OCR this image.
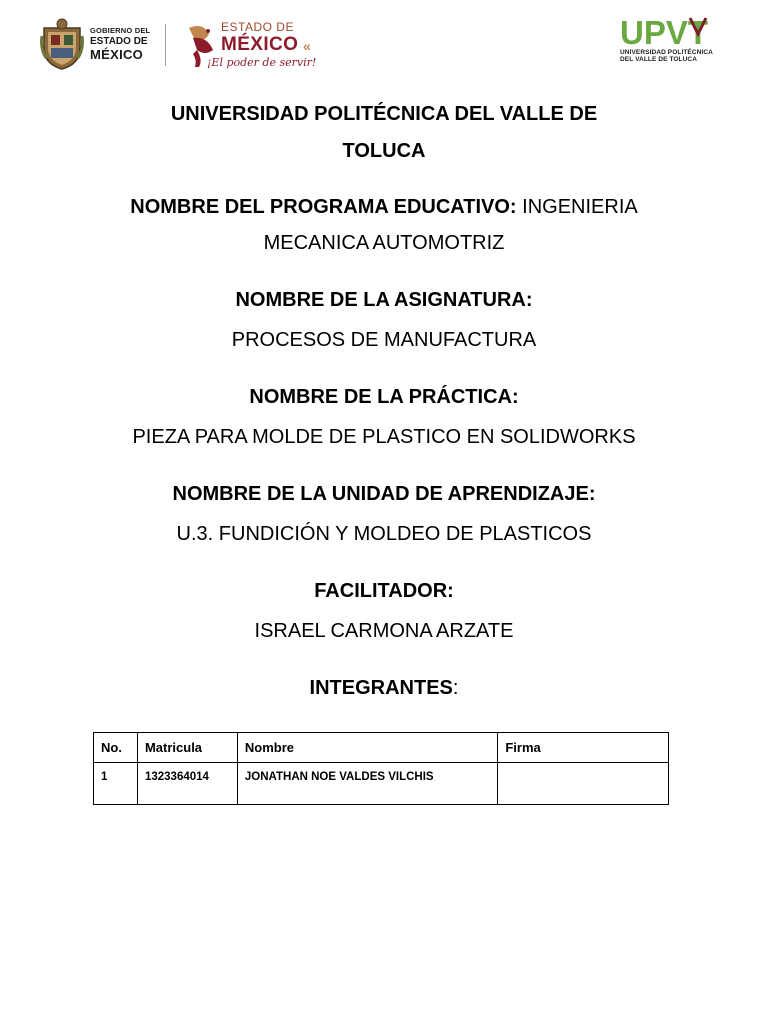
GOBIERNO DEL
ESTADO DE
MÉXICO
ESTADO DE
MÉXICO «
¡El poder de servir!
UPVT
UNIVERSIDAD POLITÉCNICA
DEL VALLE DE TOLUCA
UNIVERSIDAD POLITÉCNICA DEL VALLE DE
TOLUCA
NOMBRE DEL PROGRAMA EDUCATIVO: INGENIERIA
MECANICA AUTOMOTRIZ
NOMBRE DE LA ASIGNATURA:
PROCESOS DE MANUFACTURA
NOMBRE DE LA PRÁCTICA:
PIEZA PARA MOLDE DE PLASTICO EN SOLIDWORKS
NOMBRE DE LA UNIDAD DE APRENDIZAJE:
U.3. FUNDICIÓN Y MOLDEO DE PLASTICOS
FACILITADOR:
ISRAEL CARMONA ARZATE
INTEGRANTES:
No.	Matricula	Nombre	Firma
1	1323364014	JONATHAN NOE VALDES VILCHIS	
